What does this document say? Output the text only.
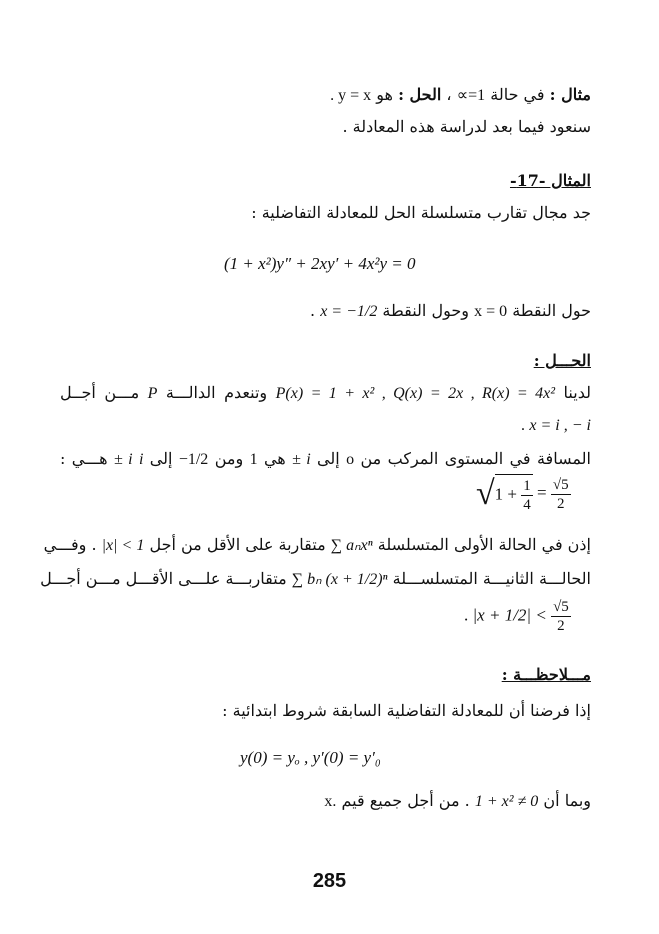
مثال : في حالة ∝=1 ، الحل : هو . y = x
سنعود فيما بعد لدراسة هذه المعادلة .
المثال -17-
جد مجال تقارب متسلسلة الحل للمعادلة التفاضلية :
(1 + x²)y″ + 2xy′ + 4x²y = 0
حول النقطة x = 0 وحول النقطة x = −1/2 .
الحـــل :
لدينا P(x) = 1 + x² , Q(x) = 2x , R(x) = 4x² وتنعدم الدالـــة P مـــن أجــل
. x = i , − i
المسافة في المستوى المركب من o إلى ± i هي 1 ومن −1/2 إلى i ± i هـــي :
$√1 + \frac{1}{4} = \frac{√5}{2}$
إذن في الحالة الأولى المتسلسلة ∑ aₙxⁿ متقاربة على الأقل من أجل |x| < 1 . وفـــي
الحالـــة الثانيـــة المتسلســـلة ∑ bₙ (x + 1/2)ⁿ متقاربـــة علـــى الأقـــل مـــن أجـــل
. $|x + 1/2| < \frac{√5}{2}$
مـــلاحظـــة :
إذا فرضنا أن للمعادلة التفاضلية السابقة شروط ابتدائية :
y(0) = yₒ , y′(0) = y′₀
وبما أن 1 + x² ≠ 0 . من أجل جميع قيم x.
285
